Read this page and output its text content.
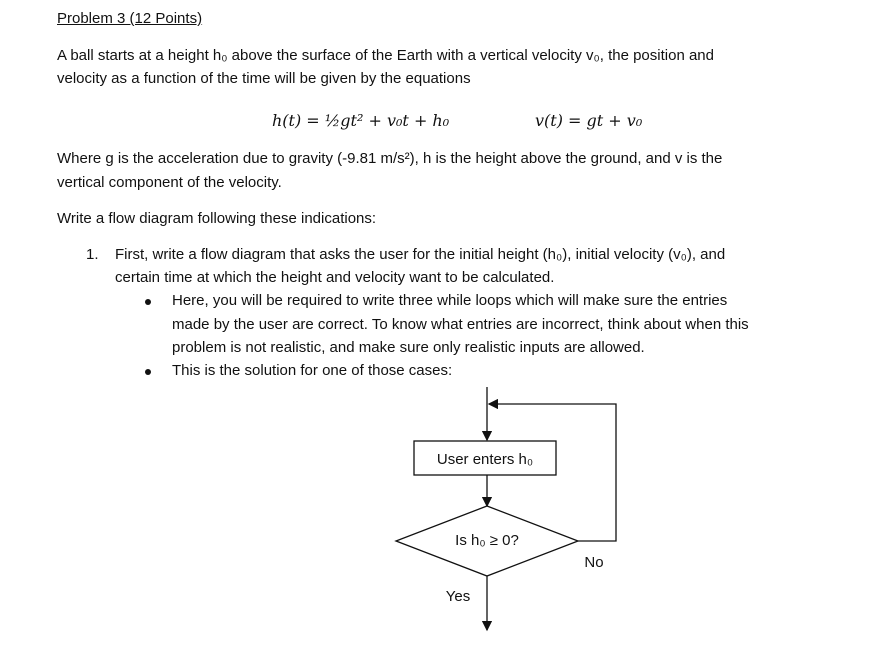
Problem 3 (12 Points)
A ball starts at a height h₀ above the surface of the Earth with a vertical velocity v₀, the position and
velocity as a function of the time will be given by the equations
h(t) = ½gt² + v₀t + h₀	v(t) = gt + v₀
Where g is the acceleration due to gravity (-9.81 m/s²), h is the height above the ground, and v is the
vertical component of the velocity.
Write a flow diagram following these indications:
1. First, write a flow diagram that asks the user for the initial height (h₀), initial velocity (v₀), and
certain time at which the height and velocity want to be calculated.
Here, you will be required to write three while loops which will make sure the entries
made by the user are correct. To know what entries are incorrect, think about when this
problem is not realistic, and make sure only realistic inputs are allowed.
This is the solution for one of those cases:
User enters h₀
Is h₀ ≥ 0?
No
Yes
